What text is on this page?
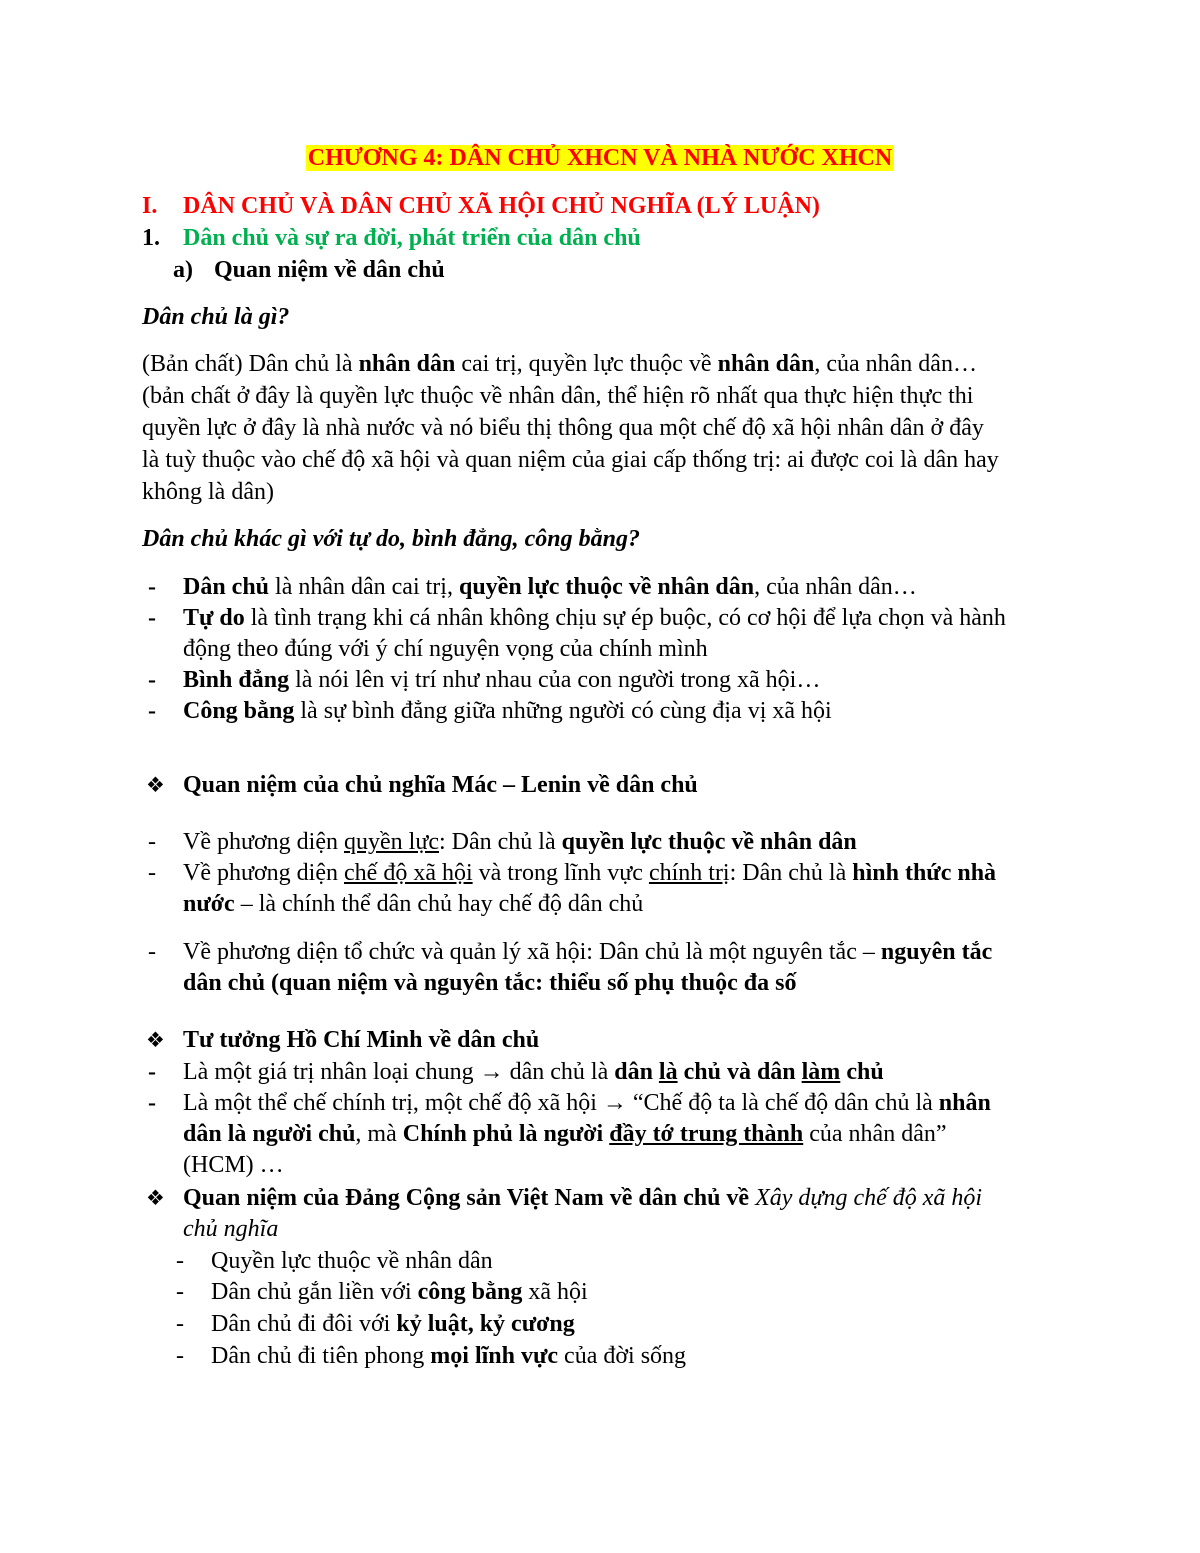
CHƯƠNG 4: DÂN CHỦ XHCN VÀ NHÀ NƯỚC XHCN
I. DÂN CHỦ VÀ DÂN CHỦ XÃ HỘI CHỦ NGHĨA (LÝ LUẬN)
1. Dân chủ và sự ra đời, phát triển của dân chủ
a) Quan niệm về dân chủ
Dân chủ là gì?
(Bản chất) Dân chủ là nhân dân cai trị, quyền lực thuộc về nhân dân, của nhân dân…
(bản chất ở đây là quyền lực thuộc về nhân dân, thể hiện rõ nhất qua thực hiện thực thi
quyền lực ở đây là nhà nước và nó biểu thị thông qua một chế độ xã hội nhân dân ở đây
là tuỳ thuộc vào chế độ xã hội và quan niệm của giai cấp thống trị: ai được coi là dân hay
không là dân)
Dân chủ khác gì với tự do, bình đẳng, công bằng?
- Dân chủ là nhân dân cai trị, quyền lực thuộc về nhân dân, của nhân dân…
- Tự do là tình trạng khi cá nhân không chịu sự ép buộc, có cơ hội để lựa chọn và hành
động theo đúng với ý chí nguyện vọng của chính mình
- Bình đẳng là nói lên vị trí như nhau của con người trong xã hội…
- Công bằng là sự bình đẳng giữa những người có cùng địa vị xã hội
❖ Quan niệm của chủ nghĩa Mác – Lenin về dân chủ
- Về phương diện quyền lực: Dân chủ là quyền lực thuộc về nhân dân
- Về phương diện chế độ xã hội và trong lĩnh vực chính trị: Dân chủ là hình thức nhà
nước – là chính thể dân chủ hay chế độ dân chủ
- Về phương diện tổ chức và quản lý xã hội: Dân chủ là một nguyên tắc – nguyên tắc
dân chủ (quan niệm và nguyên tắc: thiểu số phụ thuộc đa số
❖ Tư tưởng Hồ Chí Minh về dân chủ
- Là một giá trị nhân loại chung → dân chủ là dân là chủ và dân làm chủ
- Là một thể chế chính trị, một chế độ xã hội → “Chế độ ta là chế độ dân chủ là nhân
dân là người chủ, mà Chính phủ là người đầy tớ trung thành của nhân dân”
(HCM) …
❖ Quan niệm của Đảng Cộng sản Việt Nam về dân chủ về Xây dựng chế độ xã hội
chủ nghĩa
- Quyền lực thuộc về nhân dân
- Dân chủ gắn liền với công bằng xã hội
- Dân chủ đi đôi với kỷ luật, kỷ cương
- Dân chủ đi tiên phong mọi lĩnh vực của đời sống
